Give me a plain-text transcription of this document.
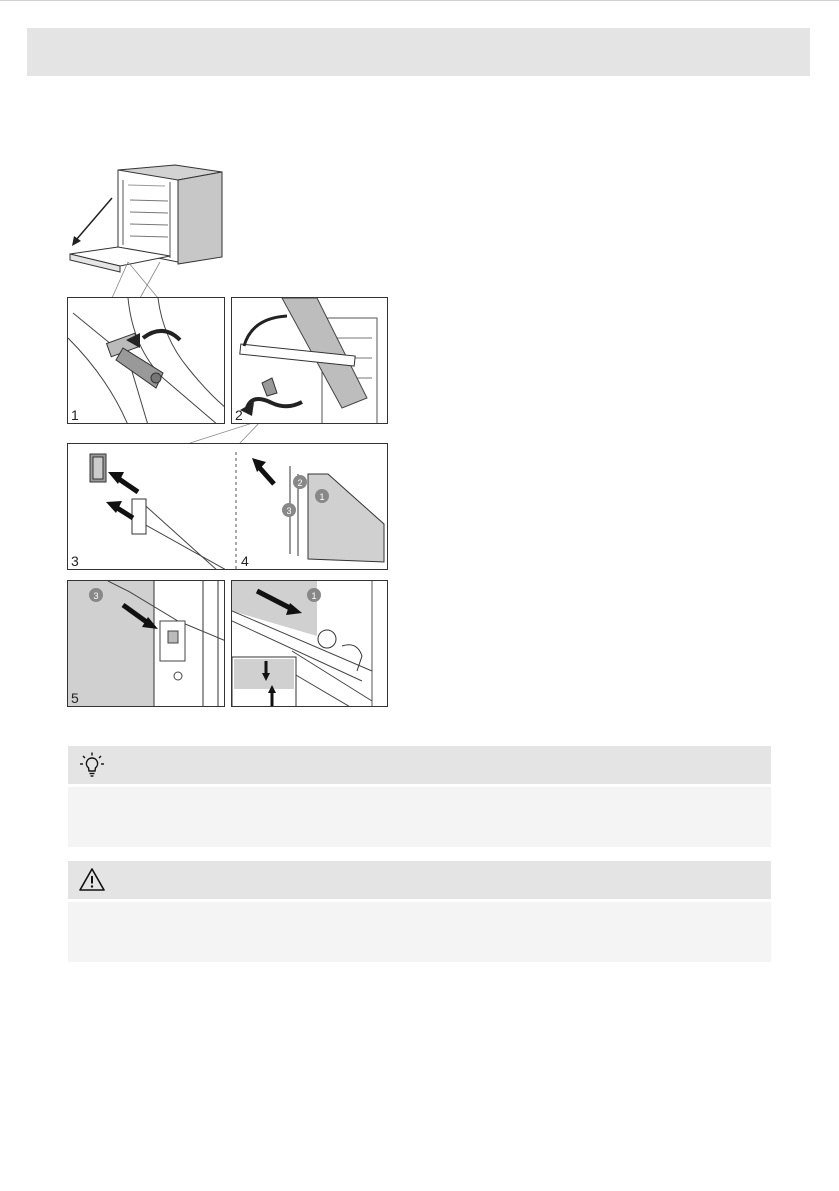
1	2
2
1
3
3	4
3
5
1
